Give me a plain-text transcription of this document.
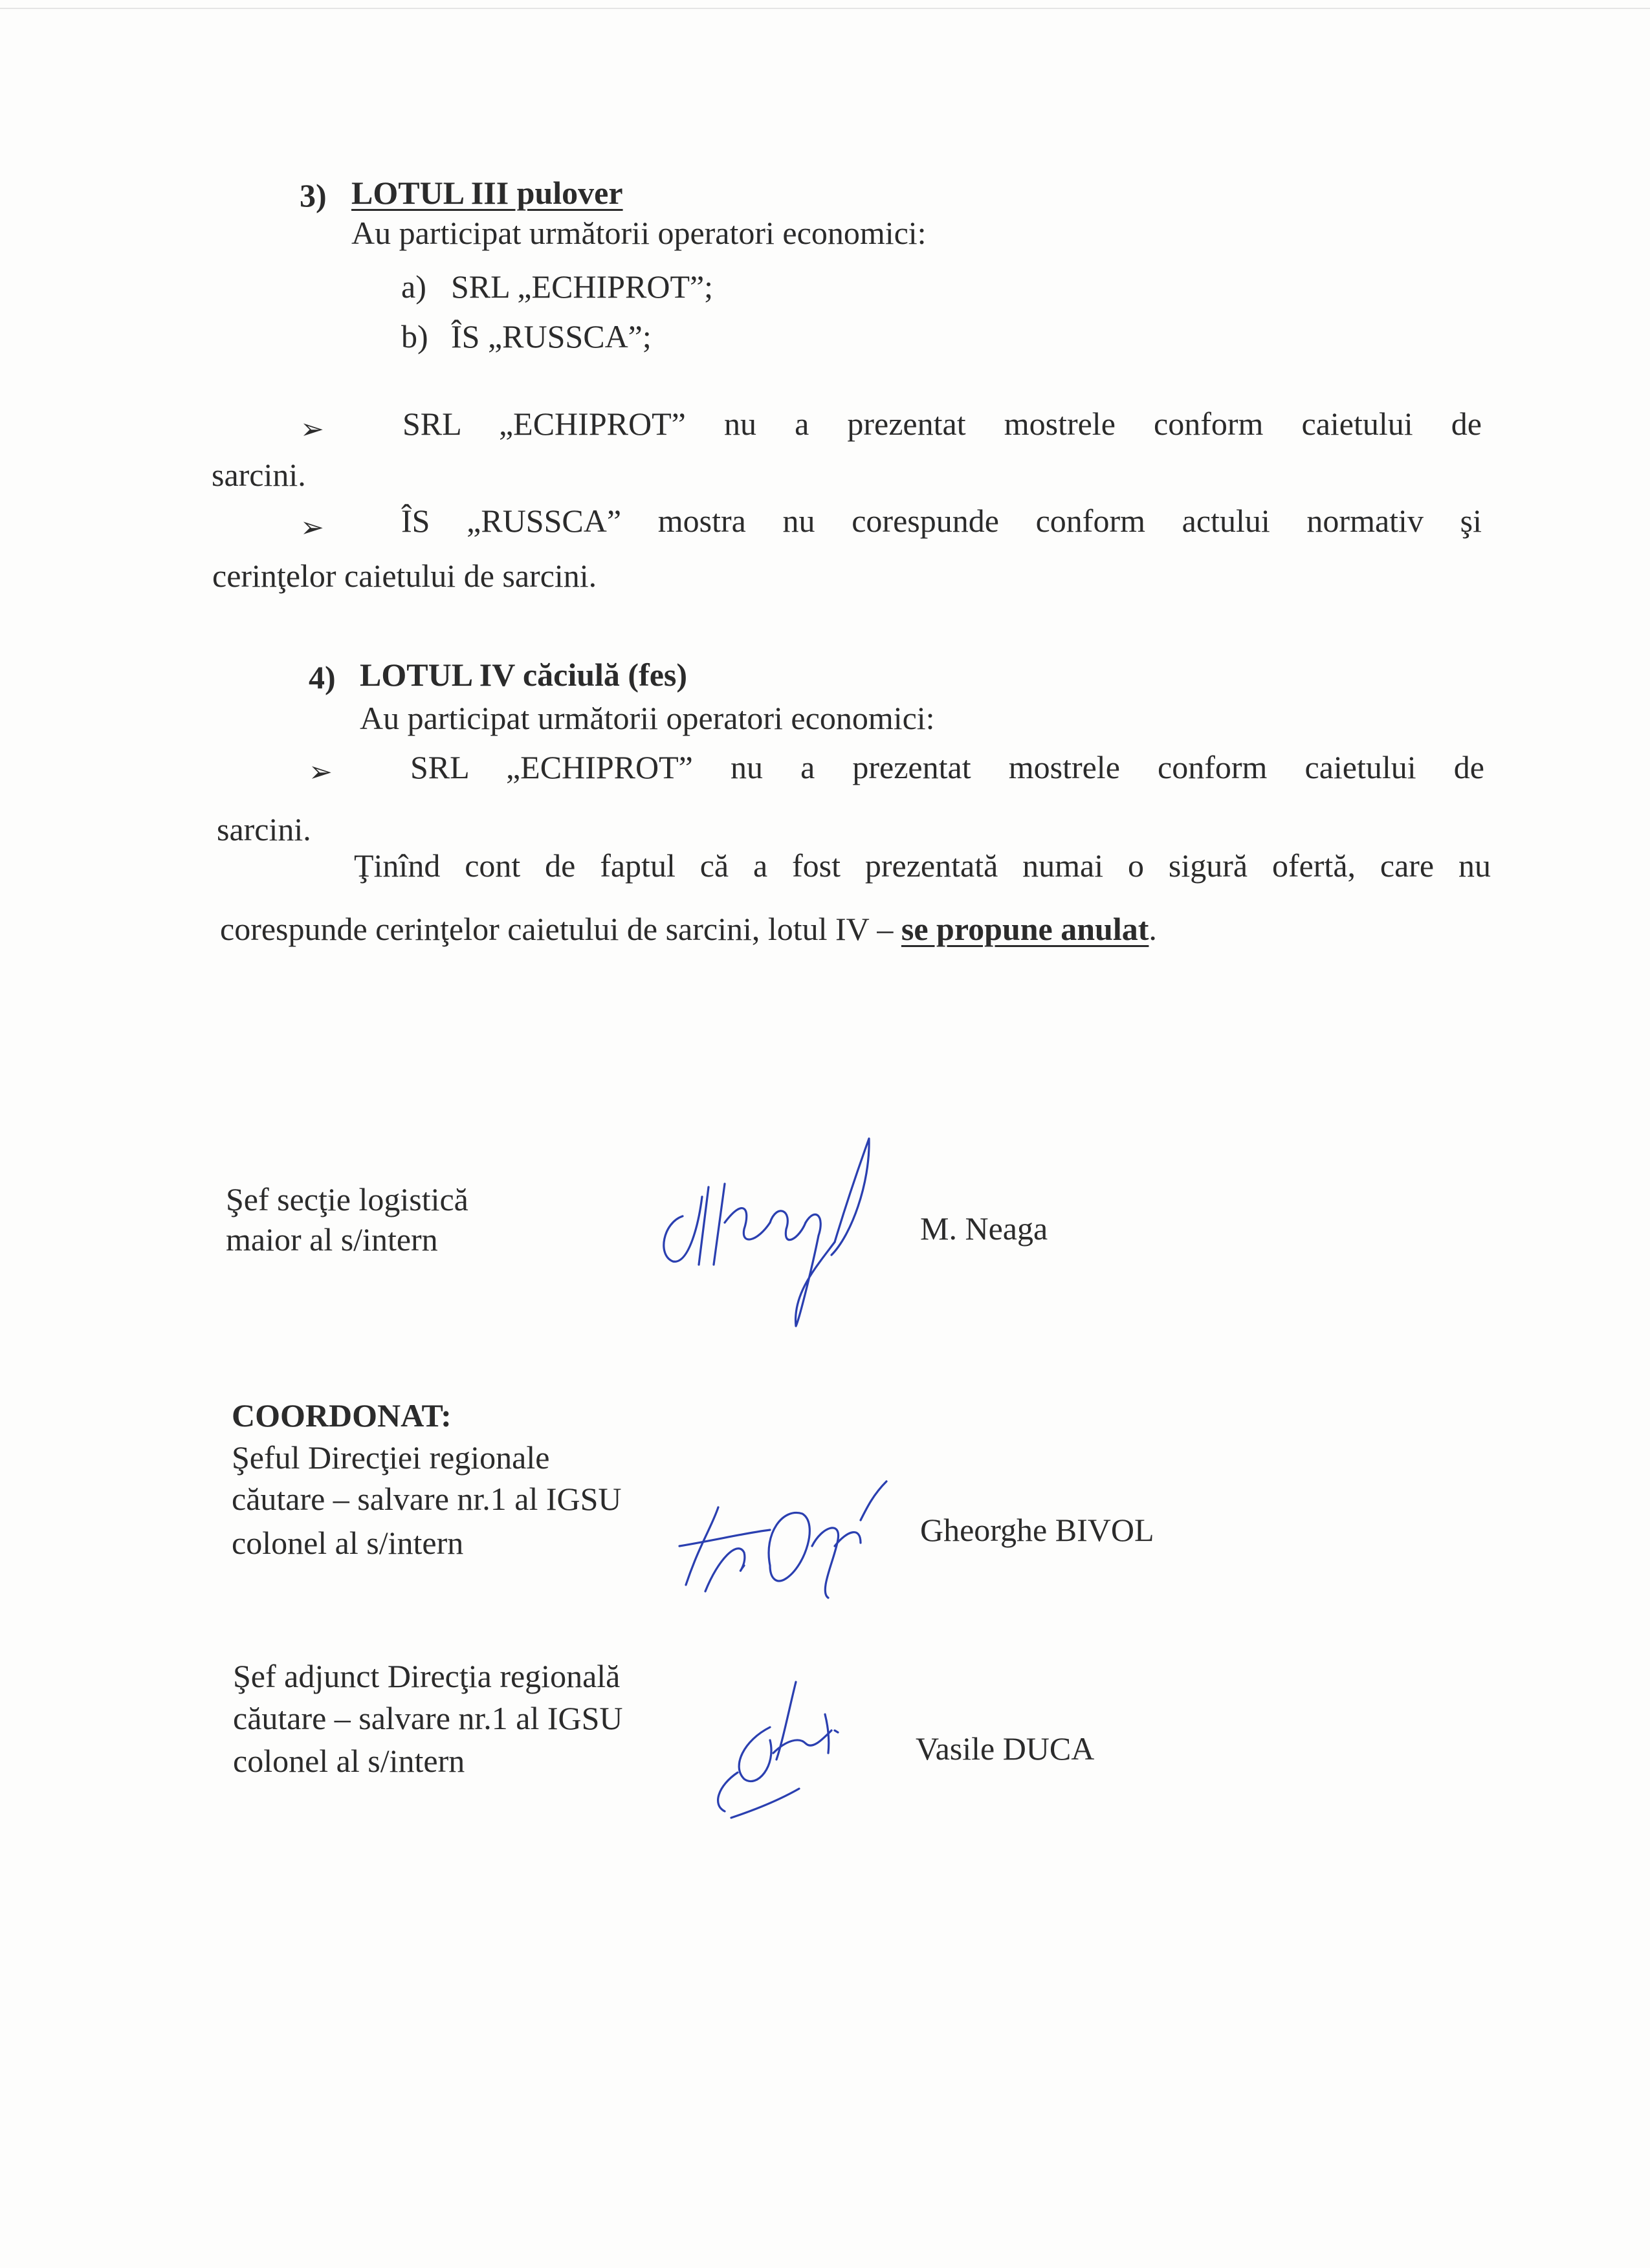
3) LOTUL III pulover
Au participat următorii operatori economici:
a) SRL „ECHIPROT”;
b) ÎS „RUSSCA”;
➢ SRL „ECHIPROT” nu a prezentat mostrele conform caietului de
sarcini.
➢ ÎS „RUSSCA” mostra nu corespunde conform actului normativ şi
cerinţelor caietului de sarcini.
4) LOTUL IV căciulă (fes)
Au participat următorii operatori economici:
➢ SRL „ECHIPROT” nu a prezentat mostrele conform caietului de
sarcini.
Ţinînd cont de faptul că a fost prezentată numai o sigură ofertă, care nu
corespunde cerinţelor caietului de sarcini, lotul IV – se propune anulat.
Şef secţie logistică
maior al s/intern	M. Neaga
COORDONAT:
Şeful Direcţiei regionale
căutare – salvare nr.1 al IGSU
colonel al s/intern	Gheorghe BIVOL
Şef adjunct Direcţia regională
căutare – salvare nr.1 al IGSU
colonel al s/intern	Vasile DUCA
